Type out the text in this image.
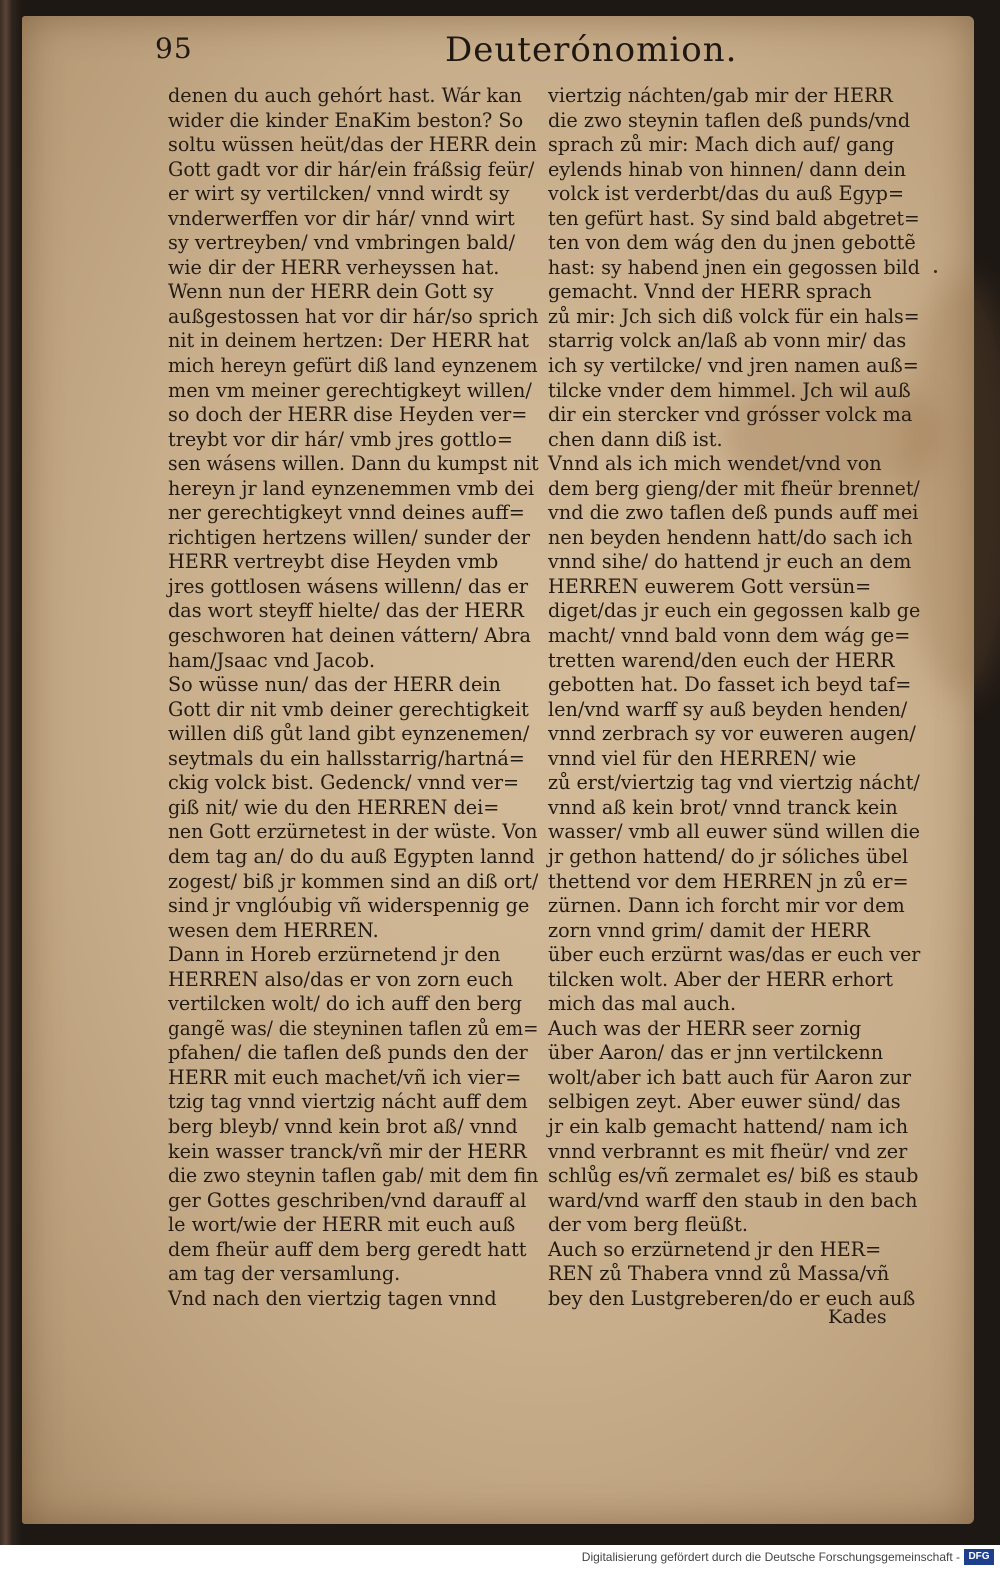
95	Deuterónomion.
denen du auch gehórt hast. Wár kan
wider die kinder EnaKim beston? So
soltu wüssen heüt/das der HERR dein
Gott gadt vor dir hár/ein fráßsig feür/
er wirt sy vertilcken/ vnnd wirdt sy
vnderwerffen vor dir hár/ vnnd wirt
sy vertreyben/ vnd vmbringen bald/
wie dir der HERR verheyssen hat.
Wenn nun der HERR dein Gott sy
außgestossen hat vor dir hár/so sprich
nit in deinem hertzen: Der HERR hat
mich hereyn gefürt diß land eynzenem
men vm meiner gerechtigkeyt willen/
so doch der HERR dise Heyden ver=
treybt vor dir hár/ vmb jres gottlo=
sen wásens willen. Dann du kumpst nit
hereyn jr land eynzenemmen vmb dei
ner gerechtigkeyt vnnd deines auff=
richtigen hertzens willen/ sunder der
HERR vertreybt dise Heyden vmb
jres gottlosen wásens willenn/ das er
das wort steyff hielte/ das der HERR
geschworen hat deinen váttern/ Abra
ham/Jsaac vnd Jacob.
So wüsse nun/ das der HERR dein
Gott dir nit vmb deiner gerechtigkeit
willen diß gůt land gibt eynzenemen/
seytmals du ein hallsstarrig/hartná=
ckig volck bist. Gedenck/ vnnd ver=
giß nit/ wie du den HERREN dei=
nen Gott erzürnetest in der wüste. Von
dem tag an/ do du auß Egypten lannd
zogest/ biß jr kommen sind an diß ort/
sind jr vnglóubig vñ widerspennig ge
wesen dem HERREN.
Dann in Horeb erzürnetend jr den
HERREN also/das er von zorn euch
vertilcken wolt/ do ich auff den berg
gangẽ was/ die steyninen taflen zů em=
pfahen/ die taflen deß punds den der
HERR mit euch machet/vñ ich vier=
tzig tag vnnd viertzig nácht auff dem
berg bleyb/ vnnd kein brot aß/ vnnd
kein wasser tranck/vñ mir der HERR
die zwo steynin taflen gab/ mit dem fin
ger Gottes geschriben/vnd darauff al
le wort/wie der HERR mit euch auß
dem fheür auff dem berg geredt hatt
am tag der versamlung.
Vnd nach den viertzig tagen vnnd
viertzig náchten/gab mir der HERR
die zwo steynin taflen deß punds/vnd
sprach zů mir: Mach dich auf/ gang
eylends hinab von hinnen/ dann dein
volck ist verderbt/das du auß Egyp=
ten gefürt hast. Sy sind bald abgetret=
ten von dem wág den du jnen gebottẽ
hast: sy habend jnen ein gegossen bild
gemacht. Vnnd der HERR sprach
zů mir: Jch sich diß volck für ein hals=
starrig volck an/laß ab vonn mir/ das
ich sy vertilcke/ vnd jren namen auß=
tilcke vnder dem himmel. Jch wil auß
dir ein stercker vnd grósser volck ma
chen dann diß ist.
Vnnd als ich mich wendet/vnd von
dem berg gieng/der mit fheür brennet/
vnd die zwo taflen deß punds auff mei
nen beyden hendenn hatt/do sach ich
vnnd sihe/ do hattend jr euch an dem
HERREN euwerem Gott versün=
diget/das jr euch ein gegossen kalb ge
macht/ vnnd bald vonn dem wág ge=
tretten warend/den euch der HERR
gebotten hat. Do fasset ich beyd taf=
len/vnd warff sy auß beyden henden/
vnnd zerbrach sy vor euweren augen/
vnnd viel für den HERREN/ wie
zů erst/viertzig tag vnd viertzig nácht/
vnnd aß kein brot/ vnnd tranck kein
wasser/ vmb all euwer sünd willen die
jr gethon hattend/ do jr sóliches übel
thettend vor dem HERREN jn zů er=
zürnen. Dann ich forcht mir vor dem
zorn vnnd grim/ damit der HERR
über euch erzürnt was/das er euch ver
tilcken wolt. Aber der HERR erhort
mich das mal auch.
Auch was der HERR seer zornig
über Aaron/ das er jnn vertilckenn
wolt/aber ich batt auch für Aaron zur
selbigen zeyt. Aber euwer sünd/ das
jr ein kalb gemacht hattend/ nam ich
vnnd verbrannt es mit fheür/ vnd zer
schlůg es/vñ zermalet es/ biß es staub
ward/vnd warff den staub in den bach
der vom berg fleüßt.
Auch so erzürnetend jr den HER=
REN zů Thabera vnnd zů Massa/vñ
bey den Lustgreberen/do er euch auß
Kades
Digitalisierung gefördert durch die Deutsche Forschungsgemeinschaft - DFG
